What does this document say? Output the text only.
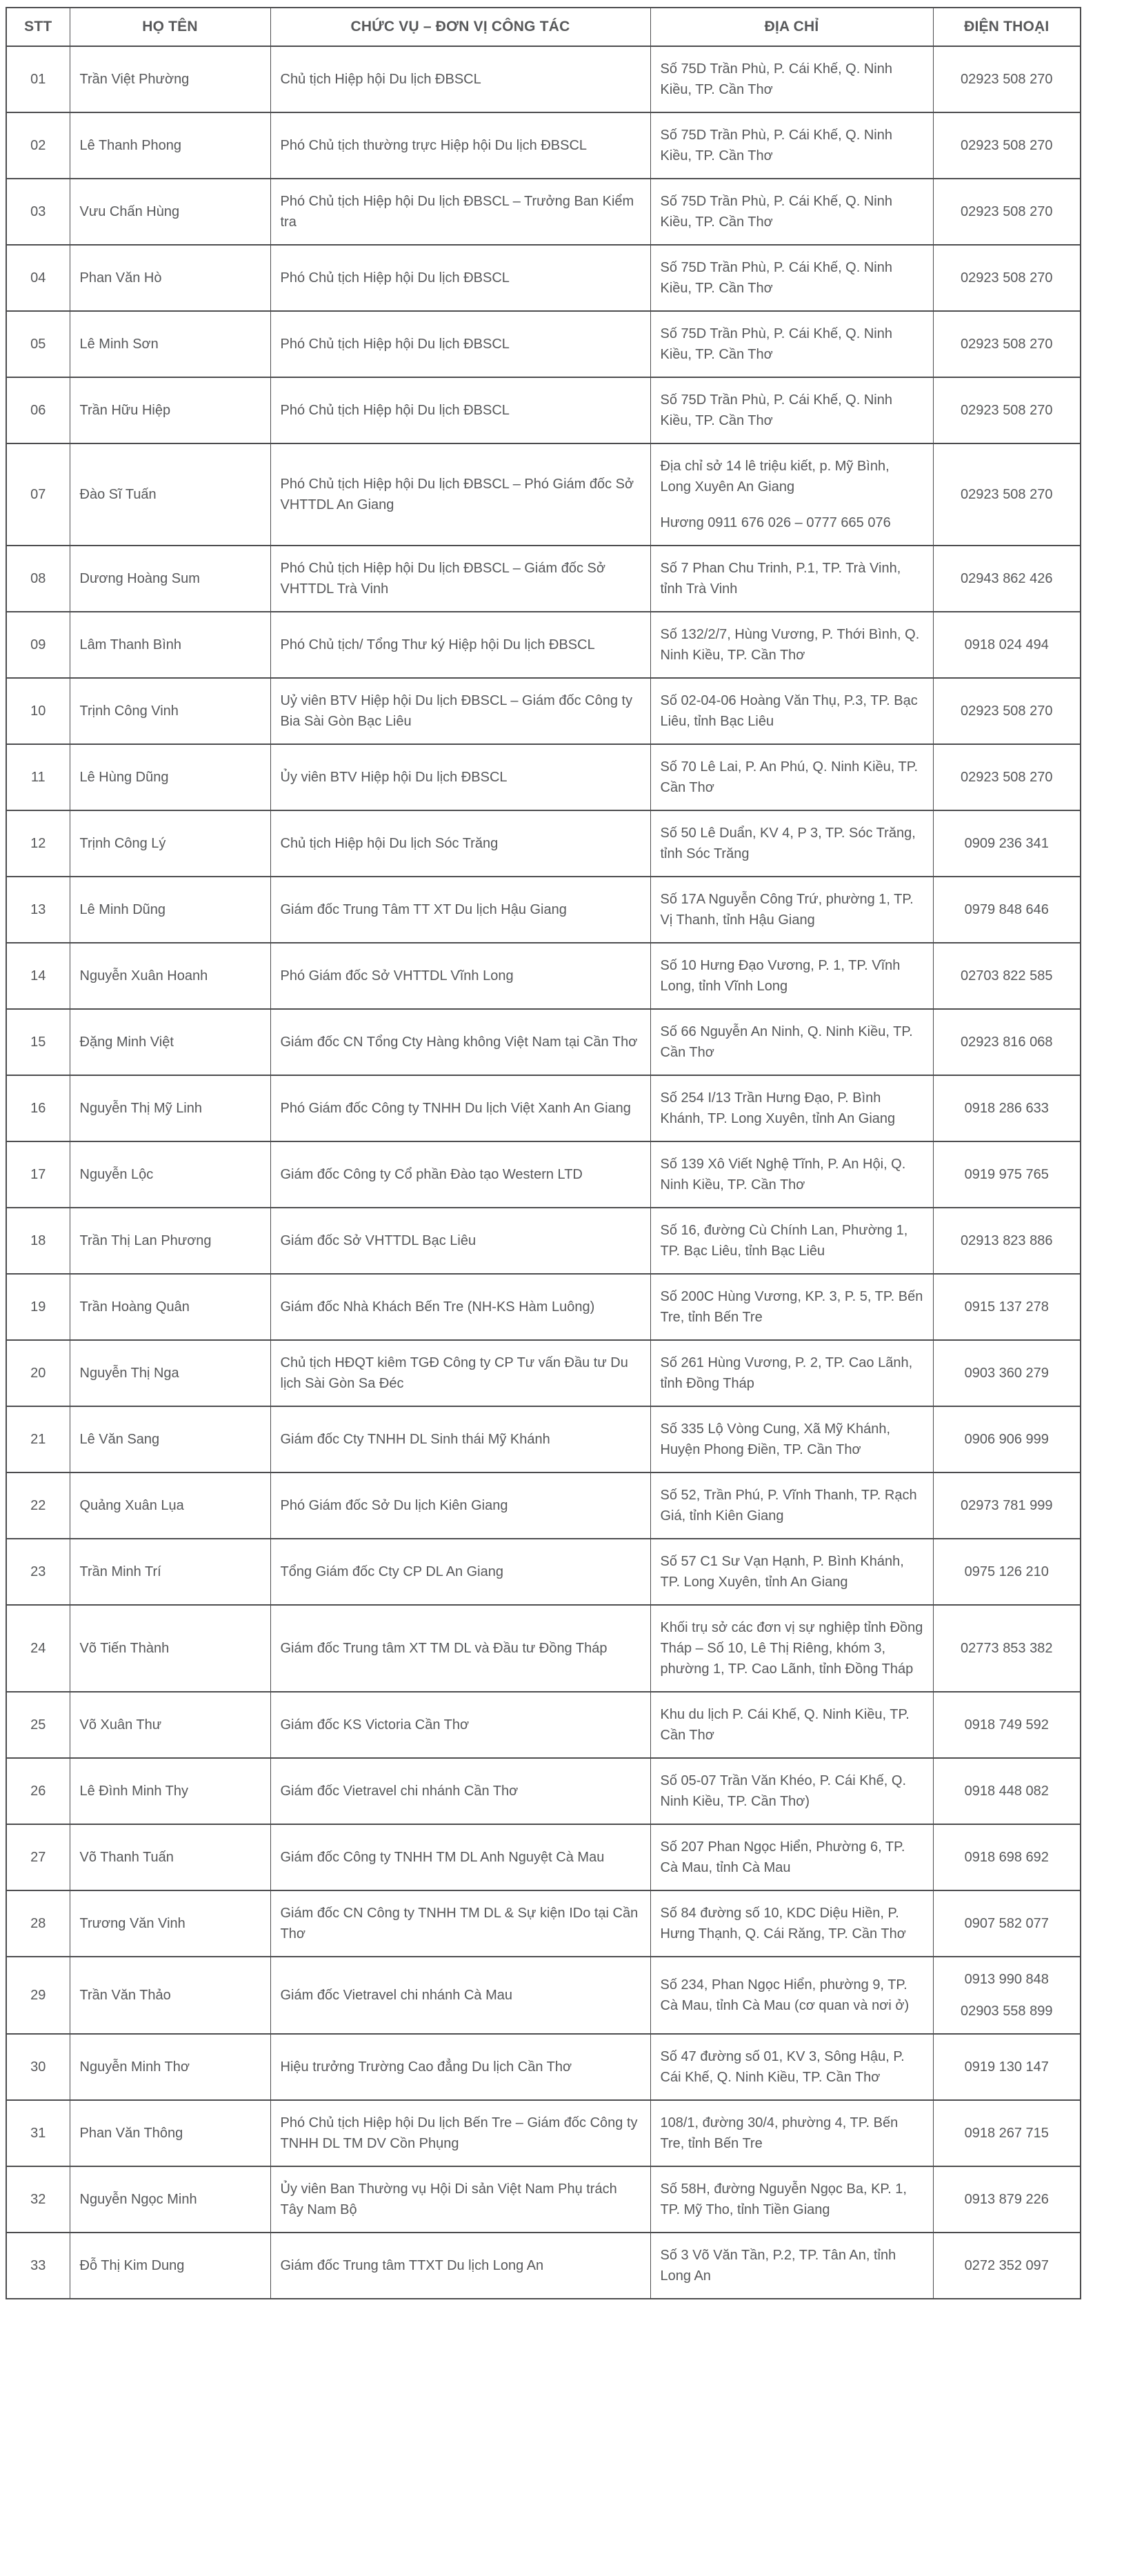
STT	HỌ TÊN	CHỨC VỤ – ĐƠN VỊ CÔNG TÁC	ĐỊA CHỈ	ĐIỆN THOẠI
01	Trần Việt Phường	Chủ tịch Hiệp hội Du lịch ĐBSCL	Số 75D Trần Phù, P. Cái Khế, Q. Ninh Kiều, TP. Cần Thơ	02923 508 270

02	Lê Thanh Phong	Phó Chủ tịch thường trực Hiệp hội Du lịch ĐBSCL	Số 75D Trần Phù, P. Cái Khế, Q. Ninh Kiều, TP. Cần Thơ	02923 508 270

03	Vưu Chấn Hùng	Phó Chủ tịch Hiệp hội Du lịch ĐBSCL – Trưởng Ban Kiểm tra	Số 75D Trần Phù, P. Cái Khế, Q. Ninh Kiều, TP. Cần Thơ	02923 508 270

04	Phan Văn Hò	Phó Chủ tịch Hiệp hội Du lịch ĐBSCL	Số 75D Trần Phù, P. Cái Khế, Q. Ninh Kiều, TP. Cần Thơ	02923 508 270

05	Lê Minh Sơn	Phó Chủ tịch Hiệp hội Du lịch ĐBSCL	Số 75D Trần Phù, P. Cái Khế, Q. Ninh Kiều, TP. Cần Thơ	02923 508 270

06	Trần Hữu Hiệp	Phó Chủ tịch Hiệp hội Du lịch ĐBSCL	Số 75D Trần Phù, P. Cái Khế, Q. Ninh Kiều, TP. Cần Thơ	02923 508 270

07	Đào Sĩ Tuấn	Phó Chủ tịch Hiệp hội Du lịch ĐBSCL – Phó Giám đốc Sở VHTTDL An Giang	Địa chỉ sở 14 lê triệu kiết, p. Mỹ Bình, Long Xuyên An Giang
Hương 0911 676 026 – 0777 665 076	02923 508 270

08	Dương Hoàng Sum	Phó Chủ tịch Hiệp hội Du lịch ĐBSCL – Giám đốc Sở VHTTDL Trà Vinh	Số 7 Phan Chu Trinh, P.1, TP. Trà Vinh, tỉnh Trà Vinh	02943 862 426

09	Lâm Thanh Bình	Phó Chủ tịch/ Tổng Thư ký Hiệp hội Du lịch ĐBSCL	Số 132/2/7, Hùng Vương, P. Thới Bình, Q. Ninh Kiều, TP. Cần Thơ	0918 024 494

10	Trịnh Công Vinh	Uỷ viên BTV Hiệp hội Du lịch ĐBSCL – Giám đốc Công ty Bia Sài Gòn Bạc Liêu	Số 02-04-06 Hoàng Văn Thụ, P.3, TP. Bạc Liêu, tỉnh Bạc Liêu	02923 508 270

11	Lê Hùng Dũng	Ủy viên BTV Hiệp hội Du lịch ĐBSCL	Số 70 Lê Lai, P. An Phú, Q. Ninh Kiều, TP. Cần Thơ	02923 508 270

12	Trịnh Công Lý	Chủ tịch Hiệp hội Du lịch Sóc Trăng	Số 50 Lê Duẩn, KV 4, P 3, TP. Sóc Trăng, tỉnh Sóc Trăng	0909 236 341

13	Lê Minh Dũng	Giám đốc Trung Tâm TT XT Du lịch Hậu Giang	Số 17A Nguyễn Công Trứ, phường 1, TP. Vị Thanh, tỉnh Hậu Giang	0979 848 646

14	Nguyễn Xuân Hoanh	Phó Giám đốc Sở VHTTDL Vĩnh Long	Số 10 Hưng Đạo Vương, P. 1, TP. Vĩnh Long, tỉnh Vĩnh Long	02703 822 585

15	Đặng Minh Việt	Giám đốc CN Tổng Cty Hàng không Việt Nam tại Cần Thơ	Số 66 Nguyễn An Ninh, Q. Ninh Kiều, TP. Cần Thơ	02923 816 068

16	Nguyễn Thị Mỹ Linh	Phó Giám đốc Công ty TNHH Du lịch Việt Xanh An Giang	Số 254 I/13 Trần Hưng Đạo, P. Bình Khánh, TP. Long Xuyên, tỉnh An Giang	0918 286 633

17	Nguyễn Lộc	Giám đốc Công ty Cổ phần Đào tạo Western LTD	Số 139 Xô Viết Nghệ Tĩnh, P. An Hội, Q. Ninh Kiều, TP. Cần Thơ	0919 975 765

18	Trần Thị Lan Phương	Giám đốc Sở VHTTDL Bạc Liêu	Số 16, đường Cù Chính Lan, Phường 1, TP. Bạc Liêu, tỉnh Bạc Liêu	02913 823 886

19	Trần Hoàng Quân	Giám đốc Nhà Khách Bến Tre (NH-KS Hàm Luông)	Số 200C Hùng Vương, KP. 3, P. 5, TP. Bến Tre, tỉnh Bến Tre	0915 137 278

20	Nguyễn Thị Nga	Chủ tịch HĐQT kiêm TGĐ Công ty CP Tư vấn Đầu tư Du lịch Sài Gòn Sa Đéc	Số 261 Hùng Vương, P. 2, TP. Cao Lãnh, tỉnh Đồng Tháp	0903 360 279

21	Lê Văn Sang	Giám đốc Cty TNHH DL Sinh thái Mỹ Khánh	Số 335 Lộ Vòng Cung, Xã Mỹ Khánh, Huyện Phong Điền, TP. Cần Thơ	0906 906 999

22	Quảng Xuân Lụa	Phó Giám đốc Sở Du lịch Kiên Giang	Số 52, Trần Phú, P. Vĩnh Thanh, TP. Rạch Giá, tỉnh Kiên Giang	02973 781 999

23	Trần Minh Trí	Tổng Giám đốc Cty CP DL An Giang	Số 57 C1 Sư Vạn Hạnh, P. Bình Khánh, TP. Long Xuyên, tỉnh An Giang	0975 126 210

24	Võ Tiến Thành	Giám đốc Trung tâm XT TM DL và Đầu tư Đồng Tháp	Khối trụ sở các đơn vị sự nghiệp tỉnh Đồng Tháp – Số 10, Lê Thị Riêng, khóm 3, phường 1, TP. Cao Lãnh, tỉnh Đồng Tháp	02773 853 382

25	Võ Xuân Thư	Giám đốc KS Victoria Cần Thơ	Khu du lịch P. Cái Khế, Q. Ninh Kiều, TP. Cần Thơ	0918 749 592

26	Lê Đình Minh Thy	Giám đốc Vietravel chi nhánh Cần Thơ	Số 05-07 Trần Văn Khéo, P. Cái Khế, Q. Ninh Kiều, TP. Cần Thơ)	0918 448 082

27	Võ Thanh Tuấn	Giám đốc Công ty TNHH TM DL Anh Nguyệt Cà Mau	Số 207 Phan Ngọc Hiển, Phường 6, TP. Cà Mau, tỉnh Cà Mau	0918 698 692

28	Trương Văn Vinh	Giám đốc CN Công ty TNHH TM DL & Sự kiện IDo tại Cần Thơ	Số 84 đường số 10, KDC Diệu Hiền, P. Hưng Thạnh, Q. Cái Răng, TP. Cần Thơ	0907 582 077

29	Trần Văn Thảo	Giám đốc Vietravel chi nhánh Cà Mau	Số 234, Phan Ngọc Hiển, phường 9, TP. Cà Mau, tỉnh Cà Mau (cơ quan và nơi ở)	0913 990 848
02903 558 899

30	Nguyễn Minh Thơ	Hiệu trưởng Trường Cao đẳng Du lịch Cần Thơ	Số 47 đường số 01, KV 3, Sông Hậu, P. Cái Khế, Q. Ninh Kiều, TP. Cần Thơ	0919 130 147

31	Phan Văn Thông	Phó Chủ tịch Hiệp hội Du lịch Bến Tre – Giám đốc Công ty TNHH DL TM DV Cồn Phụng	108/1, đường 30/4, phường 4, TP. Bến Tre, tỉnh Bến Tre	0918 267 715

32	Nguyễn Ngọc Minh	Ủy viên Ban Thường vụ Hội Di sản Việt Nam Phụ trách Tây Nam Bộ	Số 58H, đường Nguyễn Ngọc Ba, KP. 1, TP. Mỹ Tho, tỉnh Tiền Giang	0913 879 226

33	Đỗ Thị Kim Dung	Giám đốc Trung tâm TTXT Du lịch Long An	Số 3 Võ Văn Tần, P.2, TP. Tân An, tỉnh Long An	0272 352 097
